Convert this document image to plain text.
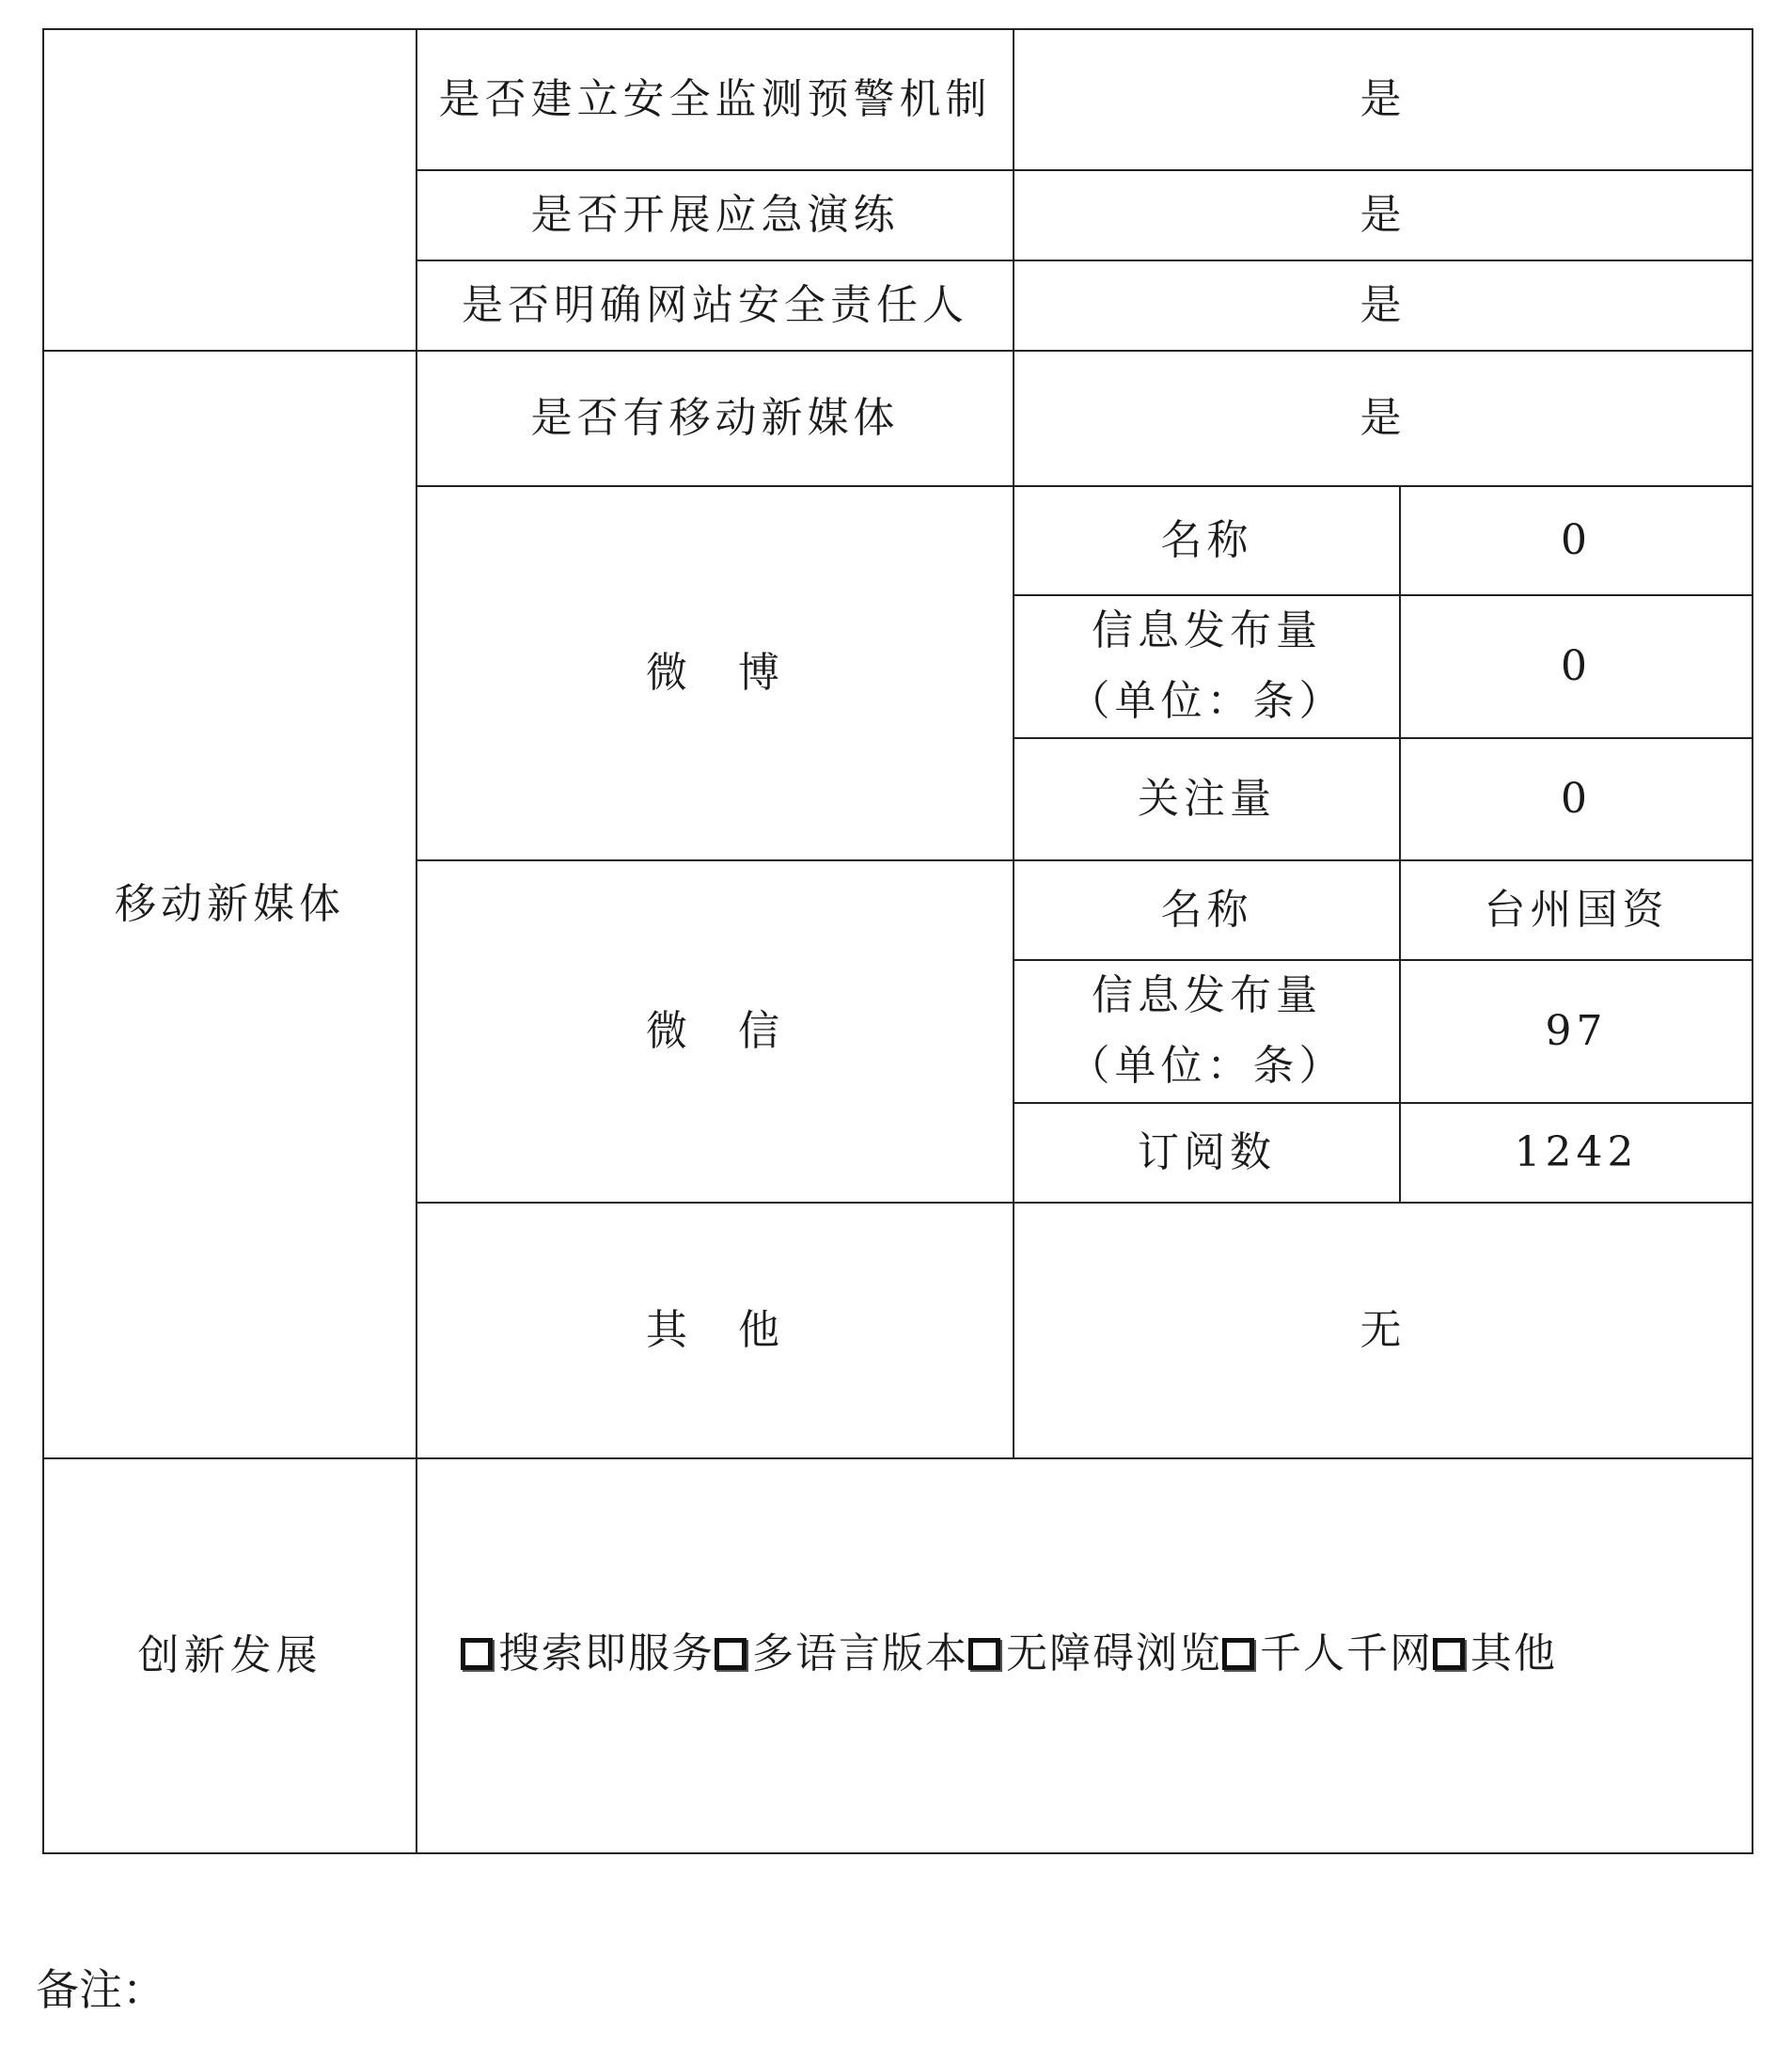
	是否建立安全监测预警机制	是	
	是否开展应急演练	是	
	是否明确网站安全责任人	是	
移动新媒体	是否有移动新媒体	是	
	微　博	名称	0

		信息发布量
（单位：条）	0
		关注量	0
	微　信	名称	台州国资

		信息发布量
（单位：条）	97
		订阅数	1242
	其　他	无	
创新发展	搜索即服务 多语言版本 无障碍浏览 千人千网 其他		
备注：
